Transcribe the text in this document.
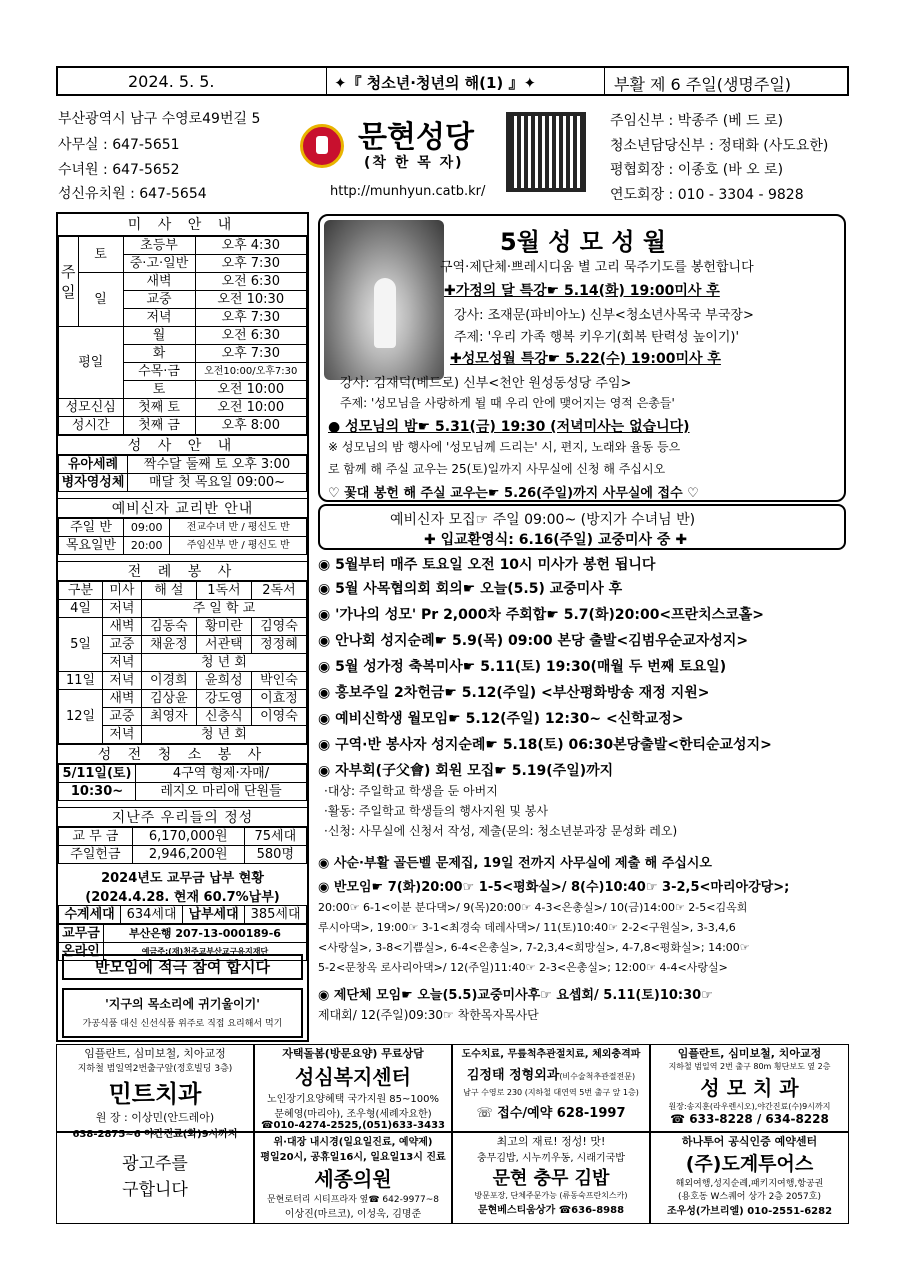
2024. 5. 5.	✦『 청소년·청년의 해(1) 』✦	부활 제 6 주일(생명주일)
부산광역시 남구 수영로49번길 5
사무실 : 647-5651
수녀원 : 647-5652
성신유치원 : 647-5654
문현성당
(착 한 목 자)
http://munhyun.catb.kr/
주임신부 : 박종주 (베 드 로)
청소년담당신부 : 정태화 (사도요한)
평협회장 : 이종호 (바 오 로)
연도회장 : 010 - 3304 - 9828
미 사 안 내
주일	토	초등부	오후 4:30
		중·고·일반	오후 7:30
	일	새벽	오전 6:30
		교중	오전 10:30
		저녁	오후 7:30
평일		월	오전 6:30
		화	오후 7:30
		수목·금	오전10:00/오후7:30
		토	오전 10:00
성모신심		첫째 토	오전 10:00
성시간		첫째 금	오후 8:00
성 사 안 내
유아세례	짝수달 둘째 토 오후 3:00
병자영성체	매달 첫 목요일 09:00~
예비신자 교리반 안내
주일 반	09:00	전교수녀 반 / 평신도 반
목요일반	20:00	주임신부 반 / 평신도 반
전 례 봉 사
구분	미사	해 설	1독서	2독서
4일	저녁	주 일 학 교		
5일	새벽	김동숙	황미란	김영숙
	교중	채윤정	서관택	정정혜
	저녁	청 년 회		
11일	저녁	이경희	윤희성	박인숙
12일	새벽	김상윤	강도영	이효정
	교중	최영자	신충식	이영숙
	저녁	청 년 회		
성 전 청 소 봉 사
5/11일(토)	4구역 형제·자매/
10:30~	레지오 마리애 단원들
지난주 우리들의 정성
교 무 금	6,170,000원	75세대
주일헌금	2,946,200원	580명
2024년도 교무금 납부 현황
(2024.4.28. 현재 60.7%납부)
수계세대	634세대	납부세대	385세대
교무금	부산은행 207-13-000189-6
온라인	예금주:(재)천주교부산교구유지재단
반모임에 적극 참여 합시다
'지구의 목소리에 귀기울이기'
가공식품 대신 신선식품 위주로 직접 요리해서 먹기
5월 성 모 성 월
구역·제단체·쁘레시디움 별 고리 묵주기도를 봉헌합니다
✚가정의 달 특강☛ 5.14(화) 19:00미사 후
강사: 조재문(파비아노) 신부<청소년사목국 부국장>
주제: '우리 가족 행복 키우기(회복 탄력성 높이기)'
✚성모성월 특강☛ 5.22(수) 19:00미사 후
강사: 김재덕(베드로) 신부<천안 원성동성당 주임>
주제: '성모님을 사랑하게 될 때 우리 안에 맺어지는 영적 은총들'
● 성모님의 밤☛ 5.31(금) 19:30 (저녁미사는 없습니다)
※ 성모님의 밤 행사에 '성모님께 드리는' 시, 편지, 노래와 율동 등으
로 함께 해 주실 교우는 25(토)일까지 사무실에 신청 해 주십시오
♡ 꽃대 봉헌 해 주실 교우는☛ 5.26(주일)까지 사무실에 접수 ♡
예비신자 모집☞ 주일 09:00~ (방지가 수녀님 반)
✚ 입교환영식: 6.16(주일) 교중미사 중 ✚
◉ 5월부터 매주 토요일 오전 10시 미사가 봉헌 됩니다
◉ 5월 사목협의회 회의☛ 오늘(5.5) 교중미사 후
◉ '가나의 성모' Pr 2,000차 주회합☛ 5.7(화)20:00<프란치스코홀>
◉ 안나회 성지순례☛ 5.9(목) 09:00 본당 출발<김범우순교자성지>
◉ 5월 성가정 축복미사☛ 5.11(토) 19:30(매월 두 번째 토요일)
◉ 홍보주일 2차헌금☛ 5.12(주일) <부산평화방송 재정 지원>
◉ 예비신학생 월모임☛ 5.12(주일) 12:30~ <신학교정>
◉ 구역·반 봉사자 성지순례☛ 5.18(토) 06:30본당출발<한티순교성지>
◉ 자부회(子父會) 회원 모집☛ 5.19(주일)까지
·대상: 주일학교 학생을 둔 아버지
·활동: 주일학교 학생들의 행사지원 및 봉사
·신청: 사무실에 신청서 작성, 제출(문의: 청소년분과장 문성화 레오)
◉ 사순·부활 골든벨 문제집, 19일 전까지 사무실에 제출 해 주십시오
◉ 반모임☛ 7(화)20:00☞ 1-5<평화실>/ 8(수)10:40☞ 3-2,5<마리아강당>;
20:00☞ 6-1<이분 분다댁>/ 9(목)20:00☞ 4-3<은총실>/ 10(금)14:00☞ 2-5<김옥희
루시아댁>, 19:00☞ 3-1<최경숙 데레사댁>/ 11(토)10:40☞ 2-2<구원실>, 3-3,4,6
<사랑실>, 3-8<기쁨실>, 6-4<은총실>, 7-2,3,4<희망실>, 4-7,8<평화실>; 14:00☞
5-2<문창옥 로사리아댁>/ 12(주일)11:40☞ 2-3<은총실>; 12:00☞ 4-4<사랑실>
◉ 제단체 모임☛ 오늘(5.5)교중미사후☞ 요셉회/ 5.11(토)10:30☞
제대회/ 12(주일)09:30☞ 착한목자목사단
임플란트, 심미보철, 치아교정
지하철 범일역2번출구앞(정호빌딩 3층)
민트치과
원 장 : 이상민(안드레아)
638-2875~6 야간진료(화)9시까지
자택돌봄(방문요양) 무료상담
성심복지센터
노인장기요양혜택 국가지원 85~100%
문혜영(마리아), 조우형(세례자요한)
☎010-4274-2525,(051)633-3433
도수치료, 무릎척추관절치료, 체외충격파
김정태 정형외과(비수술척추관절전문)
남구 수영로 230 (지하철 대연역 5번 출구 앞 1층)
☏ 접수/예약 628-1997
임플란트, 심미보철, 치아교정
지하철 범일역 2번 출구 80m 횡단보도 옆 2층
성 모 치 과
원장:송지훈(라우렌시오),야간진료(수)9시까지
☎ 633-8228 / 634-8228
광고주를
구합니다
위·대장 내시경(일요일진료, 예약제)
평일20시, 공휴일16시, 일요일13시 진료
세종의원
문현로터리 시티프라자 옆☎ 642-9977~8
이상진(마르코), 이성욱, 김명준
최고의 재료! 정성! 맛!
충무김밥, 시누끼우동, 시래기국밥
문현 충무 김밥
방문포장, 단체주문가능 (류동숙프란치스카)
문현베스티움상가 ☎636-8988
하나투어 공식인증 예약센터
(주)도계투어스
해외여행,성지순례,패키지여행,항공권
(용호동 W스퀘어 상가 2층 2057호)
조우성(가브리엘) 010-2551-6282
